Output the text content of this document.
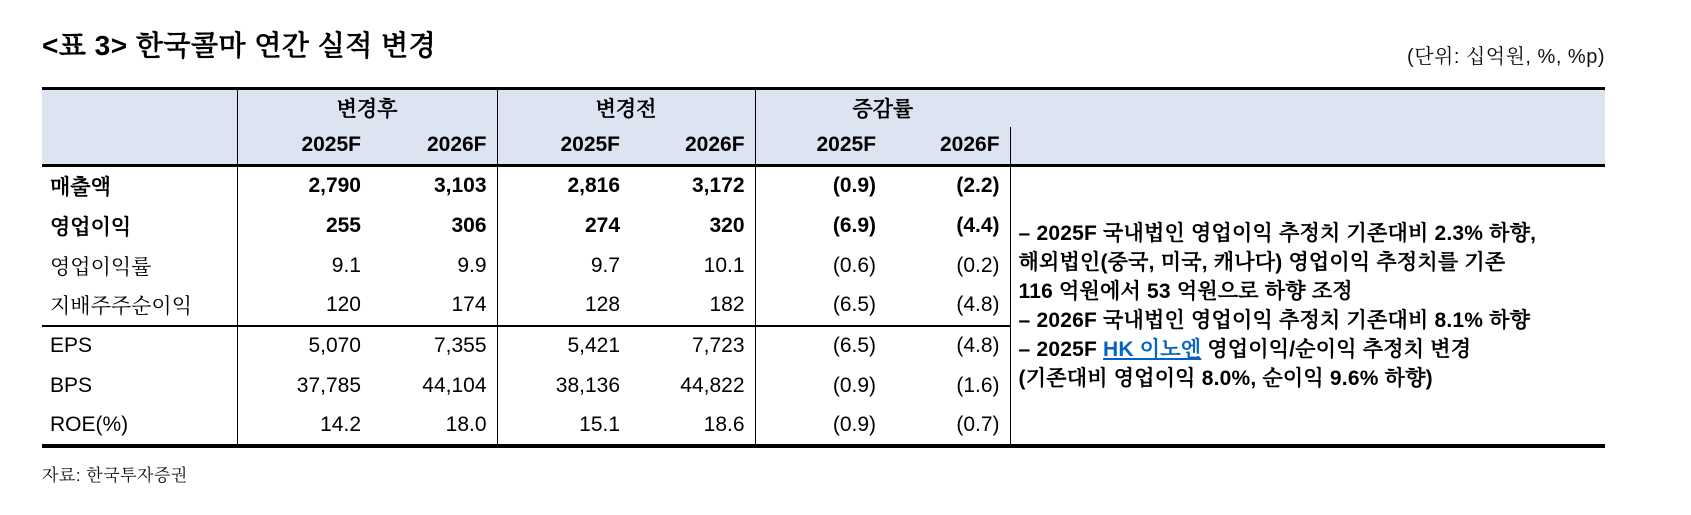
<표 3> 한국콜마 연간 실적 변경	(단위: 십억원, %, %p)
	변경후		변경전		증감률		
	2025F	2026F	2025F	2026F	2025F	2026F	
매출액	2,790	3,103	2,816	3,172	(0.9)	(2.2)	
– 2025F 국내법인 영업이익 추정치 기존대비 2.3% 하향,
해외법인(중국, 미국, 캐나다) 영업이익 추정치를 기존
116 억원에서 53 억원으로 하향 조정
– 2026F 국내법인 영업이익 추정치 기존대비 8.1% 하향
– 2025F HK 이노엔 영업이익/순이익 추정치 변경
(기존대비 영업이익 8.0%, 순이익 9.6% 하향)

영업이익	255	306	274	320	(6.9)	(4.4)	
영업이익률	9.1	9.9	9.7	10.1	(0.6)	(0.2)	
지배주주순이익	120	174	128	182	(6.5)	(4.8)	
EPS	5,070	7,355	5,421	7,723	(6.5)	(4.8)	
BPS	37,785	44,104	38,136	44,822	(0.9)	(1.6)	
ROE(%)	14.2	18.0	15.1	18.6	(0.9)	(0.7)	
자료: 한국투자증권
